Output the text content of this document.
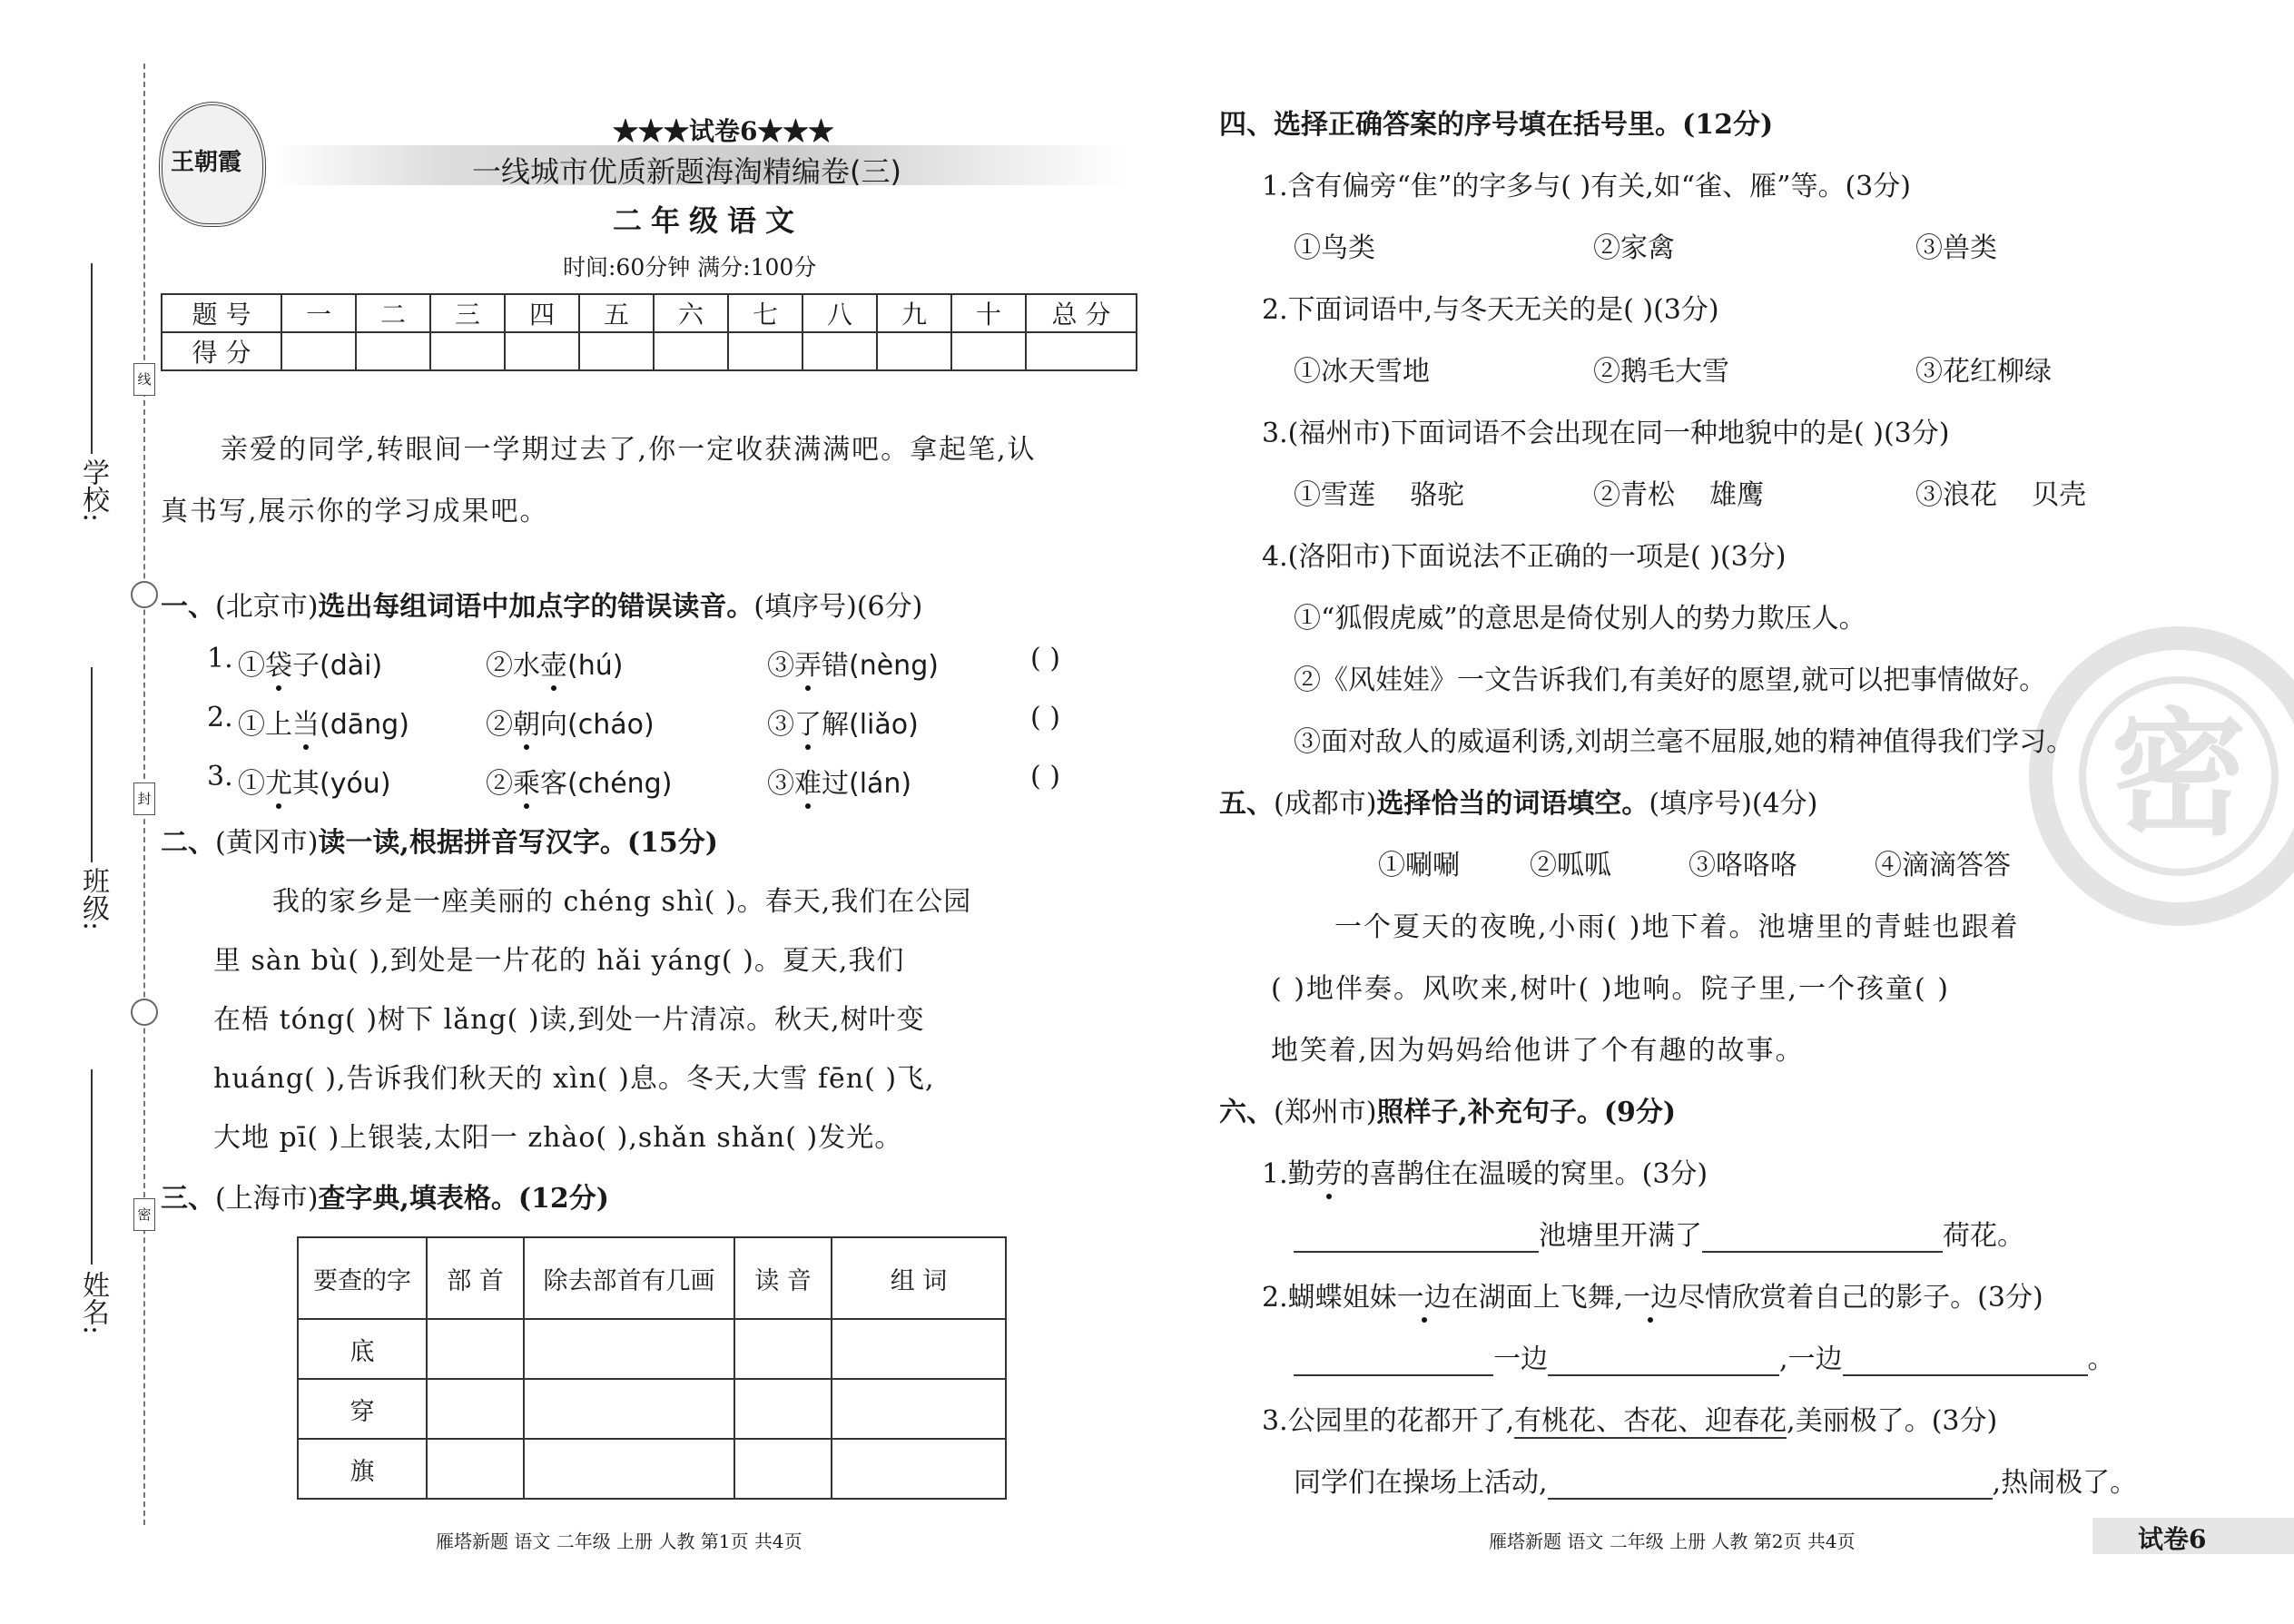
线
封
密
学校:
班级:
姓名:
王朝霞
★★★试卷6★★★
一线城市优质新题海淘精编卷(三)
二年级语文
时间:60分钟 满分:100分
题 号	一	二	三	四	五	六	七	八	九	十	总 分
得 分											
亲爱的同学,转眼间一学期过去了,你一定收获满满吧。拿起笔,认
真书写,展示你的学习成果吧。
一、(北京市)选出每组词语中加点字的错误读音。(填序号)(6分)
1. ①袋子(dài)	②水壶(hú)	③弄错(nèng)	( )
2. ①上当(dāng)	②朝向(cháo)	③了解(liǎo)	( )
3. ①尤其(yóu)	②乘客(chéng)	③难过(lán)	( )
二、(黄冈市)读一读,根据拼音写汉字。(15分)
我的家乡是一座美丽的 chéng shì( )。春天,我们在公园
里 sàn bù( ),到处是一片花的 hǎi yáng( )。夏天,我们
在梧 tóng( )树下 lǎng( )读,到处一片清凉。秋天,树叶变
huáng( ),告诉我们秋天的 xìn( )息。冬天,大雪 fēn( )飞,
大地 pī( )上银装,太阳一 zhào( ),shǎn shǎn( )发光。
三、(上海市)查字典,填表格。(12分)
要查的字	部 首	除去部首有几画	读 音	组 词
底				
穿				
旗				
雁塔新题 语文 二年级 上册 人教 第1页 共4页
密
四、选择正确答案的序号填在括号里。(12分)
1.含有偏旁“隹”的字多与( )有关,如“雀、雁”等。(3分)
①鸟类	②家禽	③兽类
2.下面词语中,与冬天无关的是( )(3分)
①冰天雪地	②鹅毛大雪	③花红柳绿
3.(福州市)下面词语不会出现在同一种地貌中的是( )(3分)
①雪莲    骆驼	②青松    雄鹰	③浪花    贝壳
4.(洛阳市)下面说法不正确的一项是( )(3分)
①“狐假虎威”的意思是倚仗别人的势力欺压人。
②《风娃娃》一文告诉我们,有美好的愿望,就可以把事情做好。
③面对敌人的威逼利诱,刘胡兰毫不屈服,她的精神值得我们学习。
五、(成都市)选择恰当的词语填空。(填序号)(4分)
①唰唰	②呱呱	③咯咯咯	④滴滴答答
一个夏天的夜晚,小雨( )地下着。池塘里的青蛙也跟着
( )地伴奏。风吹来,树叶( )地响。院子里,一个孩童( )
地笑着,因为妈妈给他讲了个有趣的故事。
六、(郑州市)照样子,补充句子。(9分)
1.勤劳的喜鹊住在温暖的窝里。(3分)
池塘里开满了	荷花。
2.蝴蝶姐妹一边在湖面上飞舞,一边尽情欣赏着自己的影子。(3分)
一边	,一边	。
3.公园里的花都开了,有桃花、杏花、迎春花,美丽极了。(3分)
同学们在操场上活动,	,热闹极了。
雁塔新题 语文 二年级 上册 人教 第2页 共4页	试卷6
